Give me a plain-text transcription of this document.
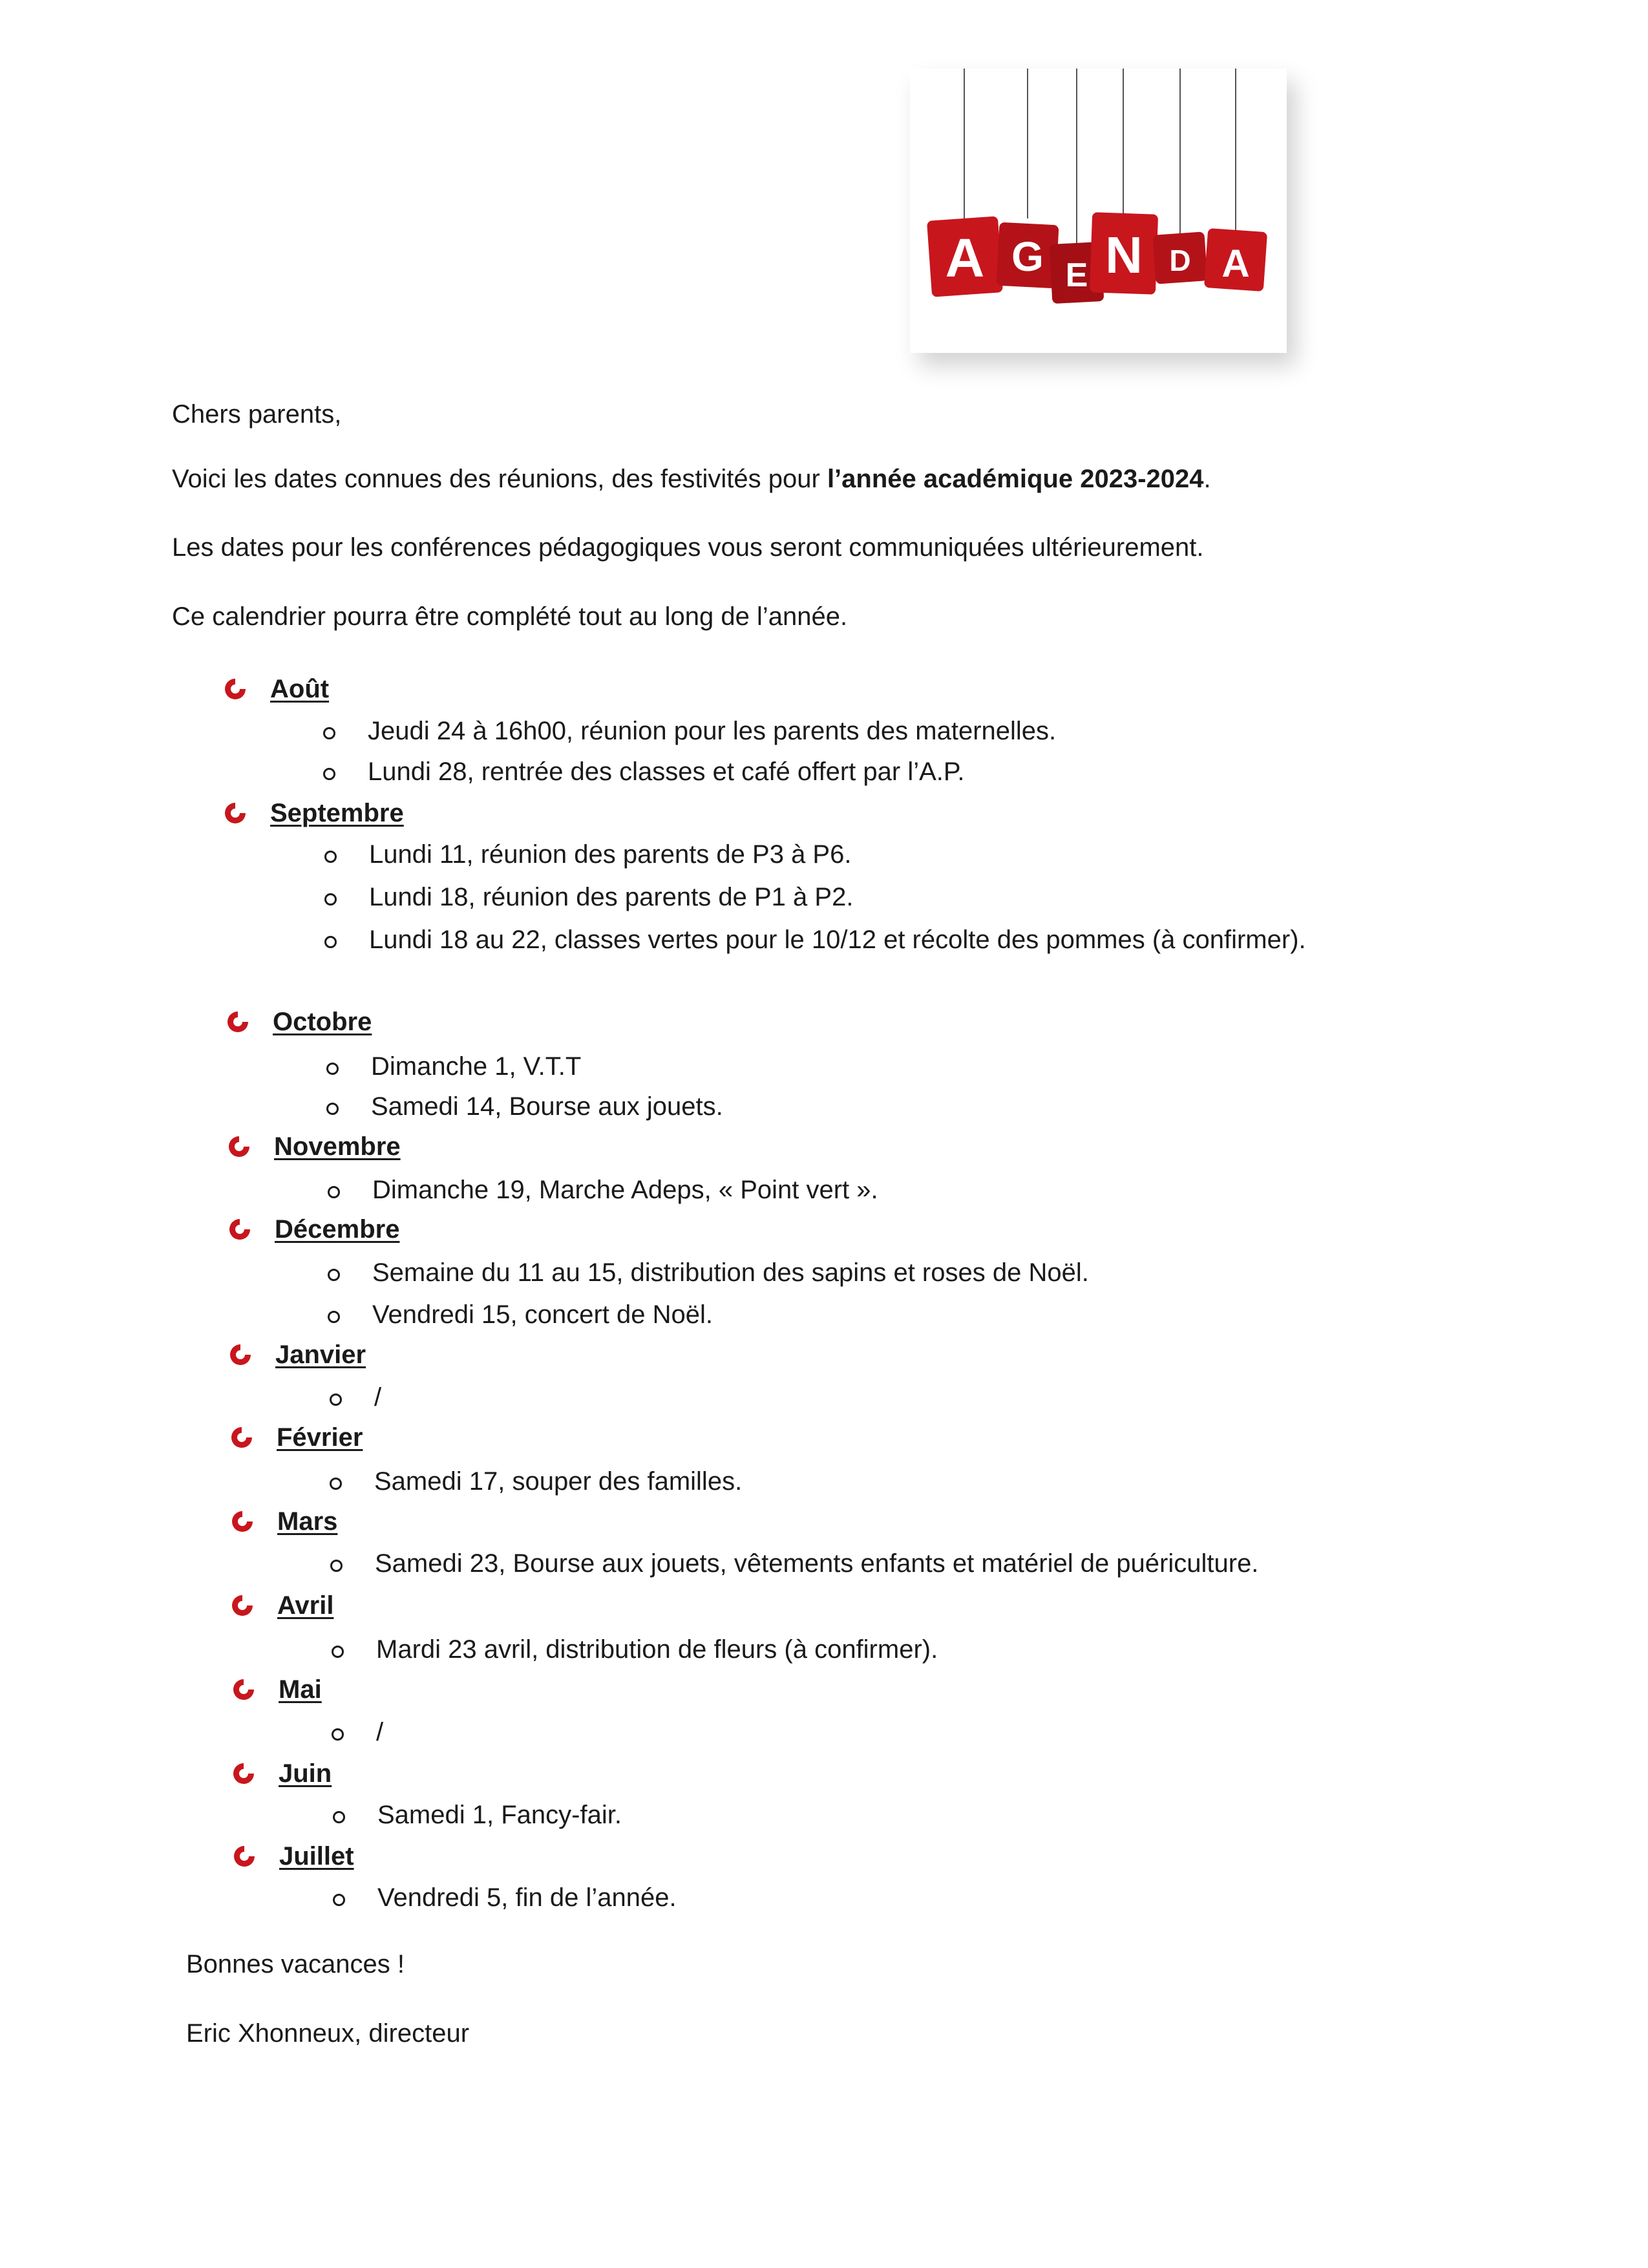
A G E N D A

Chers parents,

Voici les dates connues des réunions, des festivités pour l’année académique 2023-2024.

Les dates pour les conférences pédagogiques vous seront communiquées ultérieurement.

Ce calendrier pourra être complété tout au long de l’année.

Août
Jeudi 24 à 16h00, réunion pour les parents des maternelles.
Lundi 28, rentrée des classes et café offert par l’A.P.
Septembre
Lundi 11, réunion des parents de P3 à P6.
Lundi 18, réunion des parents de P1 à P2.
Lundi 18 au 22, classes vertes pour le 10/12 et récolte des pommes (à confirmer).
Octobre
Dimanche 1, V.T.T
Samedi 14, Bourse aux jouets.
Novembre
Dimanche 19, Marche Adeps, « Point vert ».
Décembre
Semaine du 11 au 15, distribution des sapins et roses de Noël.
Vendredi 15, concert de Noël.
Janvier
/
Février
Samedi 17, souper des familles.
Mars
Samedi 23, Bourse aux jouets, vêtements enfants et matériel de puériculture.
Avril
Mardi 23 avril, distribution de fleurs (à confirmer).
Mai
/
Juin
Samedi 1, Fancy-fair.
Juillet
Vendredi 5, fin de l’année.

Bonnes vacances !

Eric Xhonneux, directeur
